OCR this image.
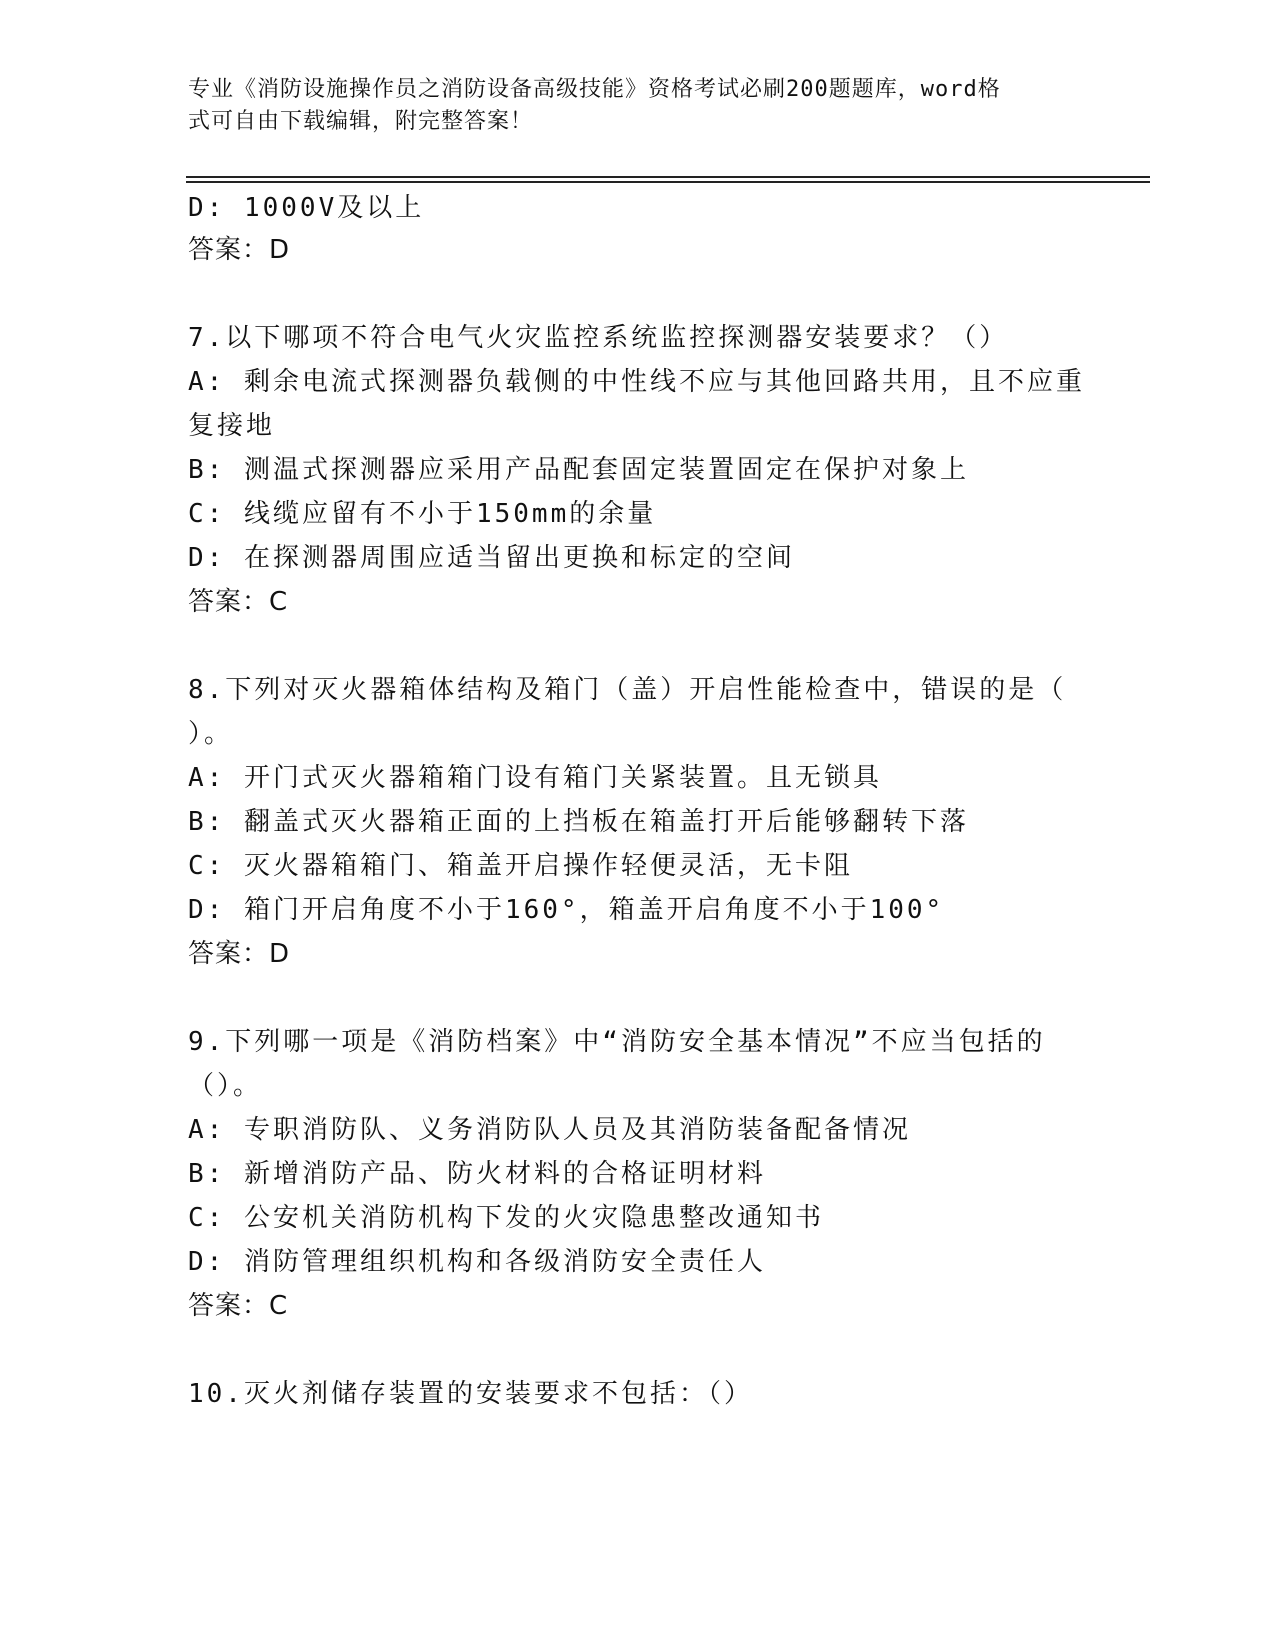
专业《消防设施操作员之消防设备高级技能》资格考试必刷200题题库，word格
式可自由下载编辑，附完整答案！
D: 1000V及以上
答案：D
7.以下哪项不符合电气火灾监控系统监控探测器安装要求？（）
A: 剩余电流式探测器负载侧的中性线不应与其他回路共用，且不应重
复接地
B: 测温式探测器应采用产品配套固定装置固定在保护对象上
C: 线缆应留有不小于150mm的余量
D: 在探测器周围应适当留出更换和标定的空间
答案：C
8.下列对灭火器箱体结构及箱门（盖）开启性能检查中，错误的是（
）。
A: 开门式灭火器箱箱门设有箱门关紧装置。且无锁具
B: 翻盖式灭火器箱正面的上挡板在箱盖打开后能够翻转下落
C: 灭火器箱箱门、箱盖开启操作轻便灵活，无卡阻
D: 箱门开启角度不小于160°，箱盖开启角度不小于100°
答案：D
9.下列哪一项是《消防档案》中“消防安全基本情况”不应当包括的
（）。
A: 专职消防队、义务消防队人员及其消防装备配备情况
B: 新增消防产品、防火材料的合格证明材料
C: 公安机关消防机构下发的火灾隐患整改通知书
D: 消防管理组织机构和各级消防安全责任人
答案：C
10.灭火剂储存装置的安装要求不包括：（）
